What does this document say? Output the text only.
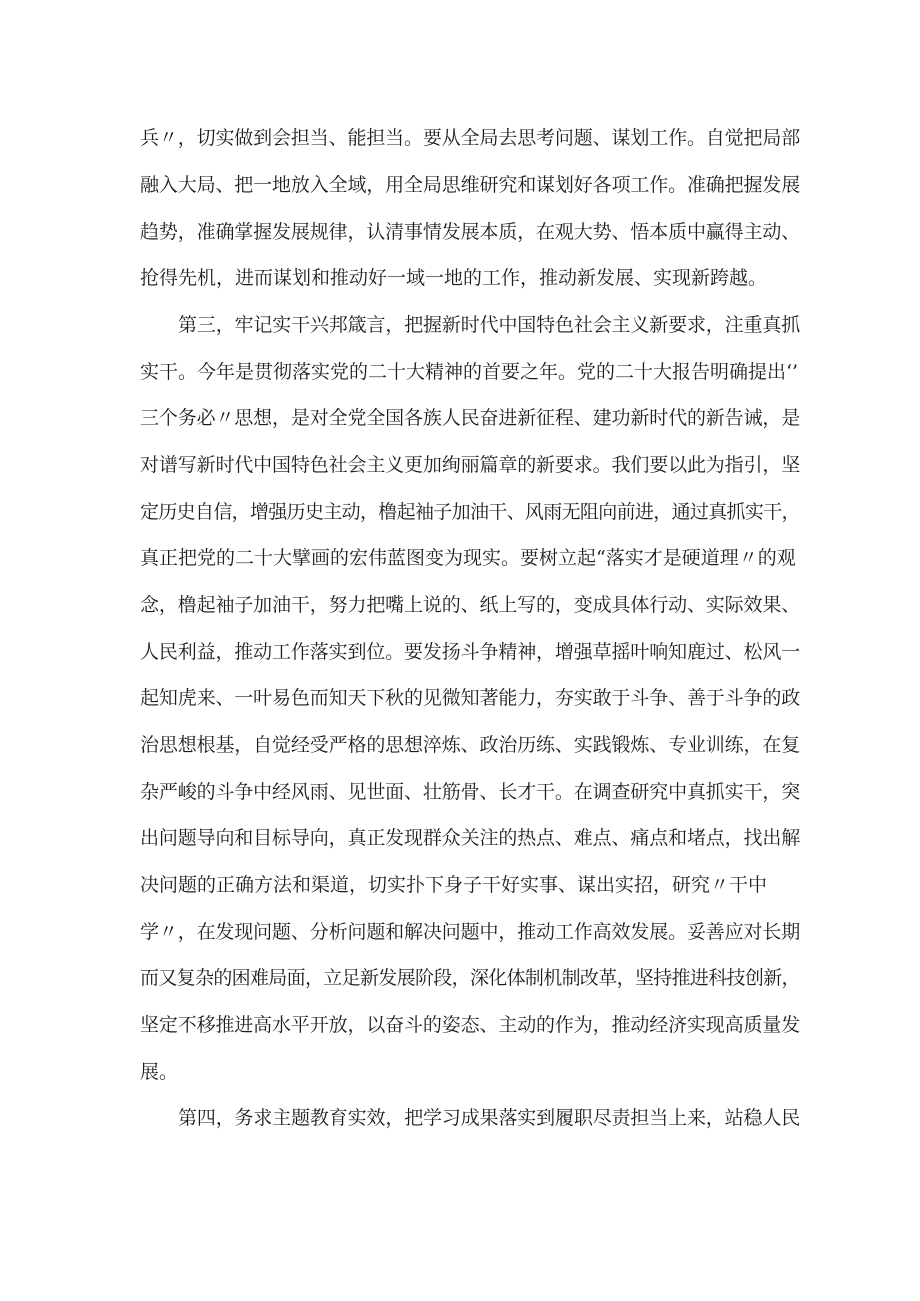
兵〃，切实做到会担当、能担当。要从全局去思考问题、谋划工作。自觉把局部
融入大局、把一地放入全域，用全局思维研究和谋划好各项工作。准确把握发展
趋势，准确掌握发展规律，认清事情发展本质，在观大势、悟本质中赢得主动、
抢得先机，进而谋划和推动好一域一地的工作，推动新发展、实现新跨越。
第三，牢记实干兴邦箴言，把握新时代中国特色社会主义新要求，注重真抓
实干。今年是贯彻落实党的二十大精神的首要之年。党的二十大报告明确提出‘’
三个务必〃思想，是对全党全国各族人民奋进新征程、建功新时代的新告诫，是
对谱写新时代中国特色社会主义更加绚丽篇章的新要求。我们要以此为指引，坚
定历史自信，增强历史主动，橹起袖子加油干、风雨无阻向前进，通过真抓实干，
真正把党的二十大擘画的宏伟蓝图变为现实。要树立起“落实才是硬道理〃的观
念，橹起袖子加油干，努力把嘴上说的、纸上写的，变成具体行动、实际效果、
人民利益，推动工作落实到位。要发扬斗争精神，增强草摇叶响知鹿过、松风一
起知虎来、一叶易色而知天下秋的见微知著能力，夯实敢于斗争、善于斗争的政
治思想根基，自觉经受严格的思想淬炼、政治历练、实践锻炼、专业训练，在复
杂严峻的斗争中经风雨、见世面、壮筋骨、长才干。在调查研究中真抓实干，突
出问题导向和目标导向，真正发现群众关注的热点、难点、痛点和堵点，找出解
决问题的正确方法和渠道，切实扑下身子干好实事、谋出实招，研究〃干中
学〃，在发现问题、分析问题和解决问题中，推动工作高效发展。妥善应对长期
而又复杂的困难局面，立足新发展阶段，深化体制机制改革，坚持推进科技创新，
坚定不移推进高水平开放，以奋斗的姿态、主动的作为，推动经济实现高质量发
展。
第四，务求主题教育实效，把学习成果落实到履职尽责担当上来，站稳人民
